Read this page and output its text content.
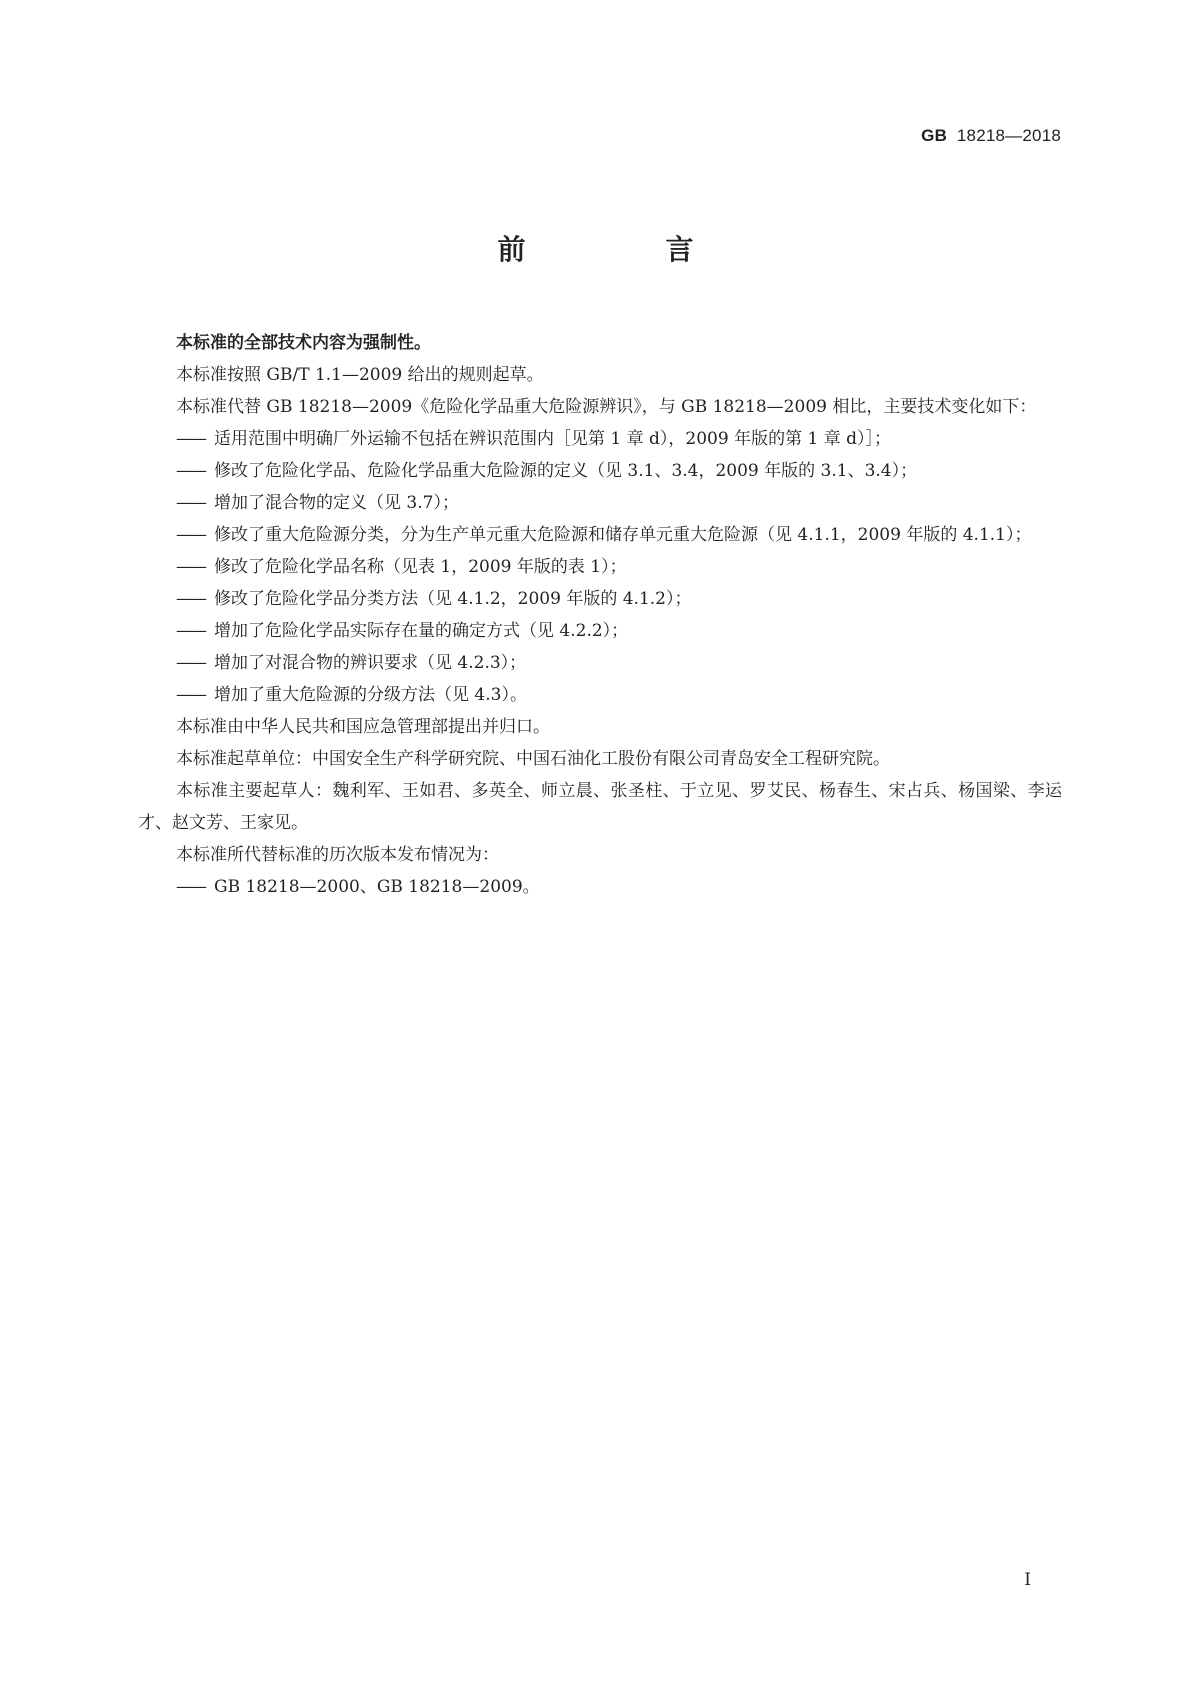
GB 18218—2018
前　言

本标准的全部技术内容为强制性。

本标准按照 GB/T 1.1—2009 给出的规则起草。

本标准代替 GB 18218—2009《危险化学品重大危险源辨识》，与 GB 18218—2009 相比，主要技术变化如下：

—— 适用范围中明确厂外运输不包括在辨识范围内［见第 1 章 d），2009 年版的第 1 章 d）］；
—— 修改了危险化学品、危险化学品重大危险源的定义（见 3.1、3.4，2009 年版的 3.1、3.4）；
—— 增加了混合物的定义（见 3.7）；
—— 修改了重大危险源分类，分为生产单元重大危险源和储存单元重大危险源（见 4.1.1，2009 年版的 4.1.1）；
—— 修改了危险化学品名称（见表 1，2009 年版的表 1）；
—— 修改了危险化学品分类方法（见 4.1.2，2009 年版的 4.1.2）；
—— 增加了危险化学品实际存在量的确定方式（见 4.2.2）；
—— 增加了对混合物的辨识要求（见 4.2.3）；
—— 增加了重大危险源的分级方法（见 4.3）。

本标准由中华人民共和国应急管理部提出并归口。

本标准起草单位：中国安全生产科学研究院、中国石油化工股份有限公司青岛安全工程研究院。

本标准主要起草人：魏利军、王如君、多英全、师立晨、张圣柱、于立见、罗艾民、杨春生、宋占兵、杨国梁、李运才、赵文芳、王家见。

本标准所代替标准的历次版本发布情况为：

—— GB 18218—2000、GB 18218—2009。
I
